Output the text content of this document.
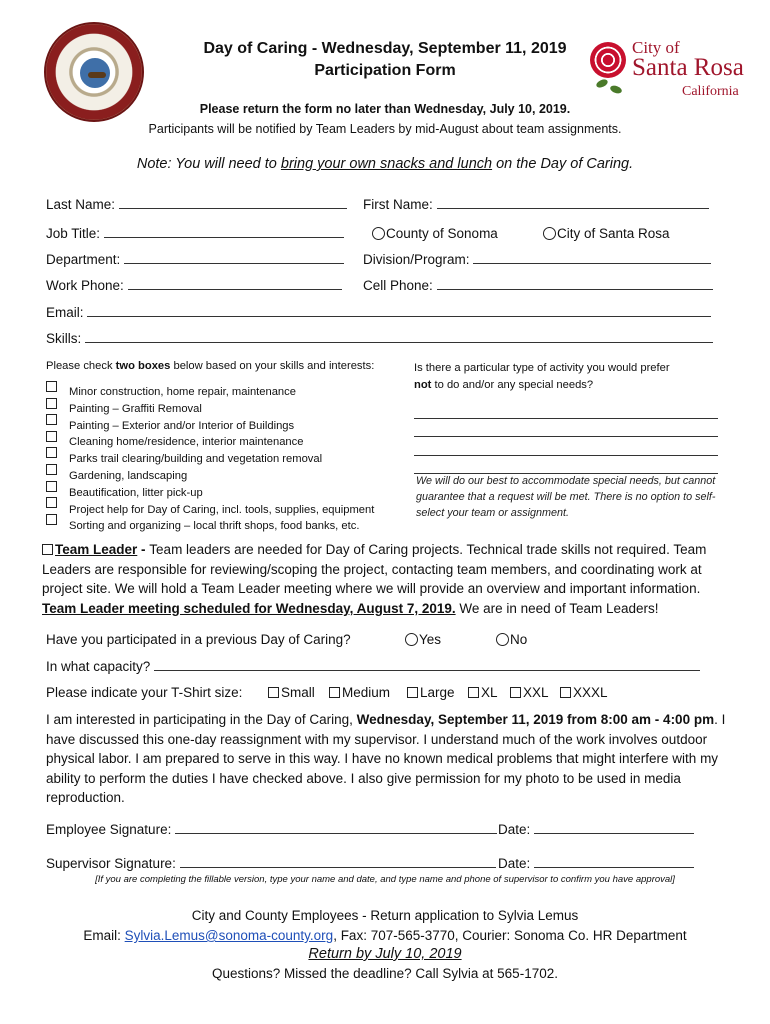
City of
Santa Rosa
California
Day of Caring - Wednesday, September 11, 2019
Participation Form
Please return the form no later than Wednesday, July 10, 2019.
Participants will be notified by Team Leaders by mid-August about team assignments.
Note: You will need to bring your own snacks and lunch on the Day of Caring.
Last Name:	First Name:
Job Title:	County of Sonoma	City of Santa Rosa
Department:	Division/Program:
Work Phone:	Cell Phone:
Email:
Skills:
Please check two boxes below based on your skills and interests:
Minor construction, home repair, maintenance
Painting – Graffiti Removal
Painting – Exterior and/or Interior of Buildings
Cleaning home/residence, interior maintenance
Parks trail clearing/building and vegetation removal
Gardening, landscaping
Beautification, litter pick-up
Project help for Day of Caring, incl. tools, supplies, equipment
Sorting and organizing – local thrift shops, food banks, etc.
Is there a particular type of activity you would prefer
not to do and/or any special needs?
We will do our best to accommodate special needs, but cannot guarantee that a request will be met. There is no option to self-select your team or assignment.
Team Leader - Team leaders are needed for Day of Caring projects. Technical trade skills not required. Team Leaders are responsible for reviewing/scoping the project, contacting team members, and coordinating work at project site. We will hold a Team Leader meeting where we will provide an overview and important information. Team Leader meeting scheduled for Wednesday, August 7, 2019. We are in need of Team Leaders!
Have you participated in a previous Day of Caring?	Yes	No
In what capacity?
Please indicate your T-Shirt size:	Small	Medium	Large	XL	XXL	XXXL
I am interested in participating in the Day of Caring, Wednesday, September 11, 2019 from 8:00 am - 4:00 pm. I have discussed this one-day reassignment with my supervisor. I understand much of the work involves outdoor physical labor. I am prepared to serve in this way. I have no known medical problems that might interfere with my ability to perform the duties I have checked above. I also give permission for my photo to be used in media reproduction.
Employee Signature:	Date:
Supervisor Signature:	Date:
[If you are completing the fillable version, type your name and date, and type name and phone of supervisor to confirm you have approval]
City and County Employees - Return application to Sylvia Lemus
Email: Sylvia.Lemus@sonoma-county.org, Fax: 707-565-3770, Courier: Sonoma Co. HR Department
Return by July 10, 2019
Questions? Missed the deadline? Call Sylvia at 565-1702.
